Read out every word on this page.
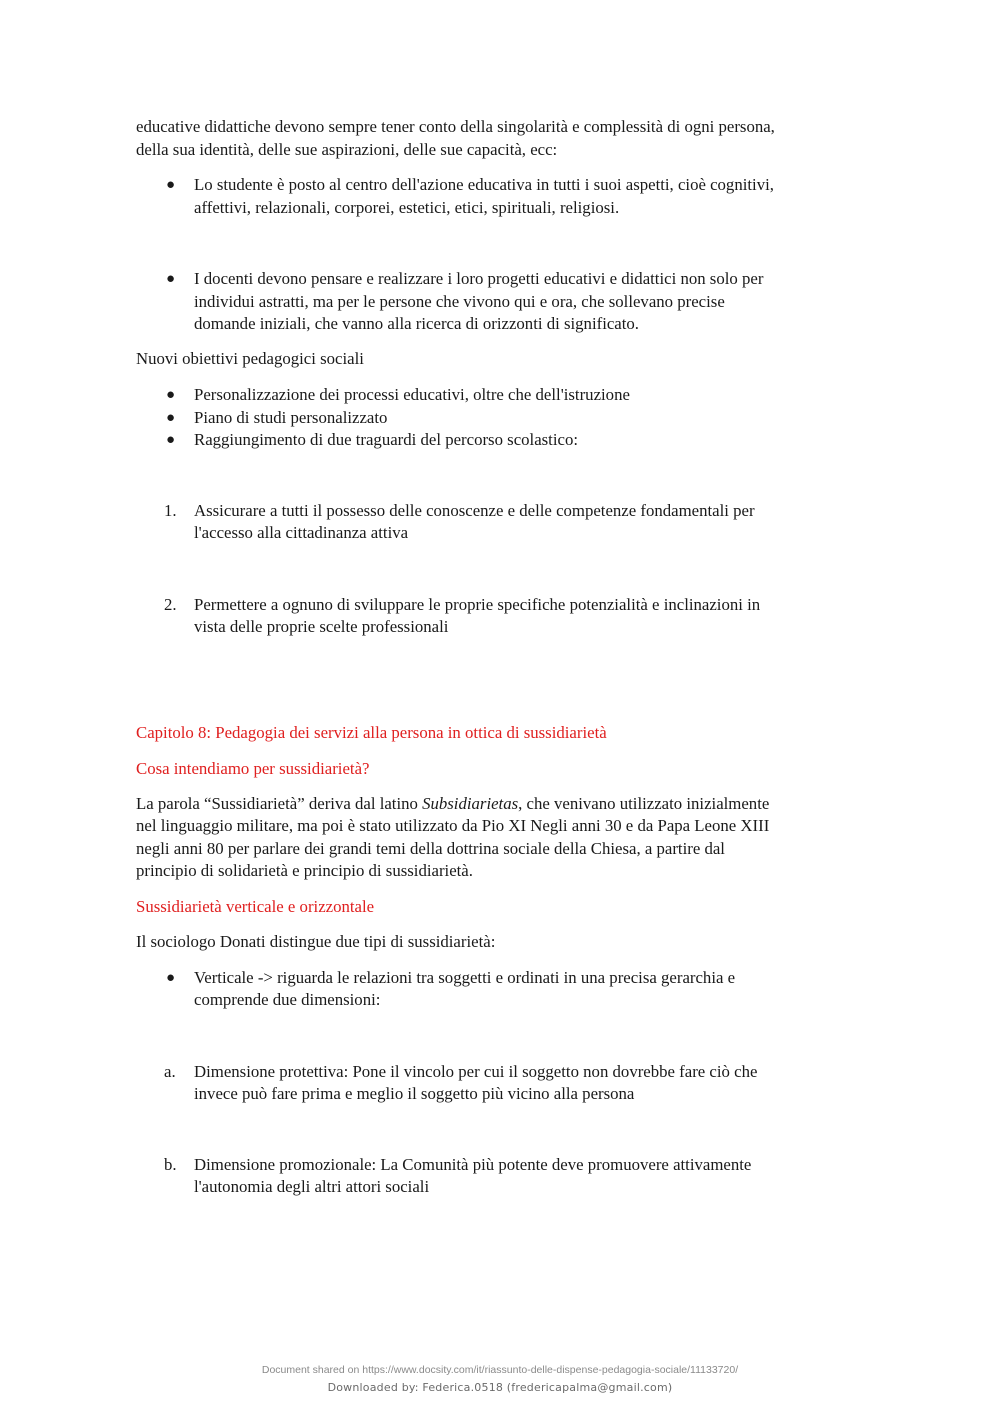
educative didattiche devono sempre tener conto della singolarità e complessità di ogni persona,
della sua identità, delle sue aspirazioni, delle sue capacità, ecc:

● Lo studente è posto al centro dell'azione educativa in tutti i suoi aspetti, cioè cognitivi,
affettivi, relazionali, corporei, estetici, etici, spirituali, religiosi.
● I docenti devono pensare e realizzare i loro progetti educativi e didattici non solo per
individui astratti, ma per le persone che vivono qui e ora, che sollevano precise
domande iniziali, che vanno alla ricerca di orizzonti di significato.

Nuovi obiettivi pedagogici sociali

● Personalizzazione dei processi educativi, oltre che dell'istruzione
● Piano di studi personalizzato
● Raggiungimento di due traguardi del percorso scolastico:
1. Assicurare a tutti il possesso delle conoscenze e delle competenze fondamentali per
l'accesso alla cittadinanza attiva
2. Permettere a ognuno di sviluppare le proprie specifiche potenzialità e inclinazioni in
vista delle proprie scelte professionali

Capitolo 8: Pedagogia dei servizi alla persona in ottica di sussidiarietà

Cosa intendiamo per sussidiarietà?

La parola “Sussidiarietà” deriva dal latino Subsidiarietas, che venivano utilizzato inizialmente
nel linguaggio militare, ma poi è stato utilizzato da Pio XI Negli anni 30 e da Papa Leone XIII
negli anni 80 per parlare dei grandi temi della dottrina sociale della Chiesa, a partire dal
principio di solidarietà e principio di sussidiarietà.

Sussidiarietà verticale e orizzontale

Il sociologo Donati distingue due tipi di sussidiarietà:

● Verticale -> riguarda le relazioni tra soggetti e ordinati in una precisa gerarchia e
comprende due dimensioni:
a. Dimensione protettiva: Pone il vincolo per cui il soggetto non dovrebbe fare ciò che
invece può fare prima e meglio il soggetto più vicino alla persona
b. Dimensione promozionale: La Comunità più potente deve promuovere attivamente
l'autonomia degli altri attori sociali
Document shared on https://www.docsity.com/it/riassunto-delle-dispense-pedagogia-sociale/11133720/
Downloaded by: Federica.0518 (fredericapalma@gmail.com)
